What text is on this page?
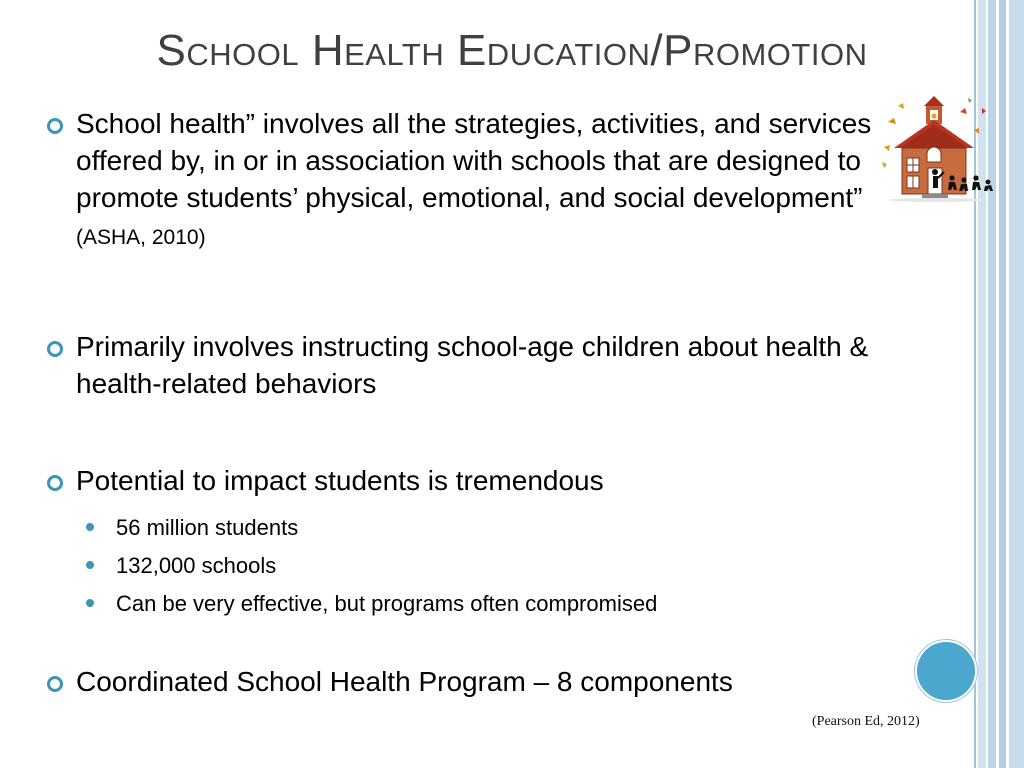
School Health Education/Promotion
School health” involves all the strategies, activities, and services offered by, in or in association with schools that are designed to promote students’ physical, emotional, and social development” (ASHA, 2010)
Primarily involves instructing school-age children about health & health-related behaviors
Potential to impact students is tremendous
56 million students
132,000 schools
Can be very effective, but programs often compromised
Coordinated School Health Program – 8 components
(Pearson Ed, 2012)
